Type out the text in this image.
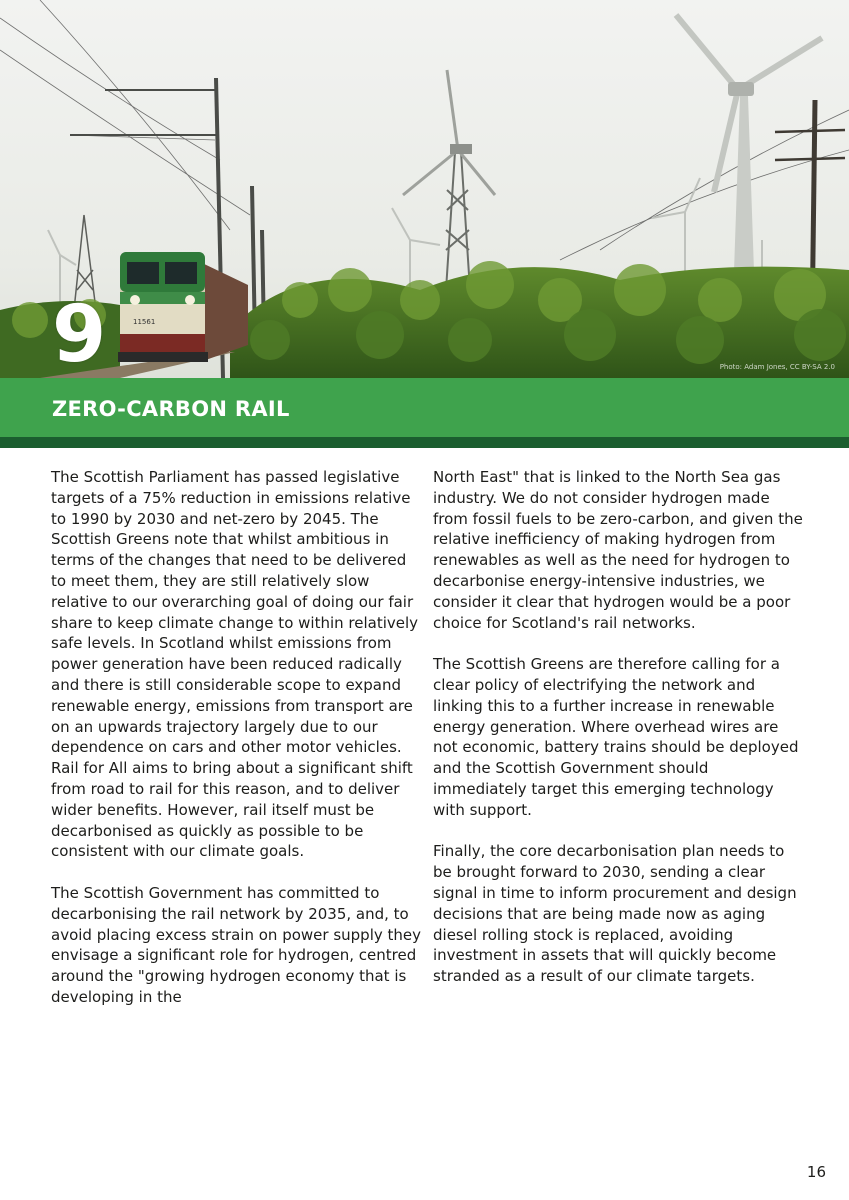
11561
9	Photo: Adam Jones, CC BY-SA 2.0
ZERO-CARBON RAIL

The Scottish Parliament has passed legislative targets of a 75% reduction in emissions relative to 1990 by 2030 and net-zero by 2045. The Scottish Greens note that whilst ambitious in terms of the changes that need to be delivered to meet them, they are still relatively slow relative to our overarching goal of doing our fair share to keep climate change to within relatively safe levels. In Scotland whilst emissions from power generation have been reduced radically and there is still considerable scope to expand renewable energy, emissions from transport are on an upwards trajectory largely due to our dependence on cars and other motor vehicles. Rail for All aims to bring about a significant shift from road to rail for this reason, and to deliver wider benefits. However, rail itself must be decarbonised as quickly as possible to be consistent with our climate goals.

The Scottish Government has committed to decarbonising the rail network by 2035, and, to avoid placing excess strain on power supply they envisage a significant role for hydrogen, centred around the "growing hydrogen economy that is developing in the

North East" that is linked to the North Sea gas industry. We do not consider hydrogen made from fossil fuels to be zero-carbon, and given the relative inefficiency of making hydrogen from renewables as well as the need for hydrogen to decarbonise energy-intensive industries, we consider it clear that hydrogen would be a poor choice for Scotland's rail networks.

The Scottish Greens are therefore calling for a clear policy of electrifying the network and linking this to a further increase in renewable energy generation. Where overhead wires are not economic, battery trains should be deployed and the Scottish Government should immediately target this emerging technology with support.

Finally, the core decarbonisation plan needs to be brought forward to 2030, sending a clear signal in time to inform procurement and design decisions that are being made now as aging diesel rolling stock is replaced, avoiding investment in assets that will quickly become stranded as a result of our climate targets.

16
